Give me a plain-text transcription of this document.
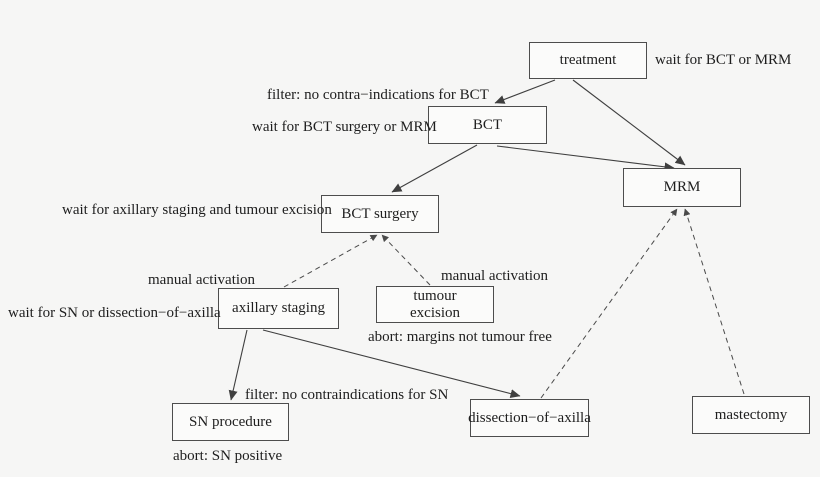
treatment
BCT
MRM
BCT surgery
axillary staging
tumour
excision
SN procedure	dissection−of−axilla	mastectomy
wait for BCT or MRM
filter: no contra−indications for BCT
wait for BCT surgery or MRM
wait for axillary staging and tumour excision
manual activation	manual activation
wait for SN or dissection−of−axilla
abort: margins not tumour free
filter: no contraindications for SN
abort: SN positive
